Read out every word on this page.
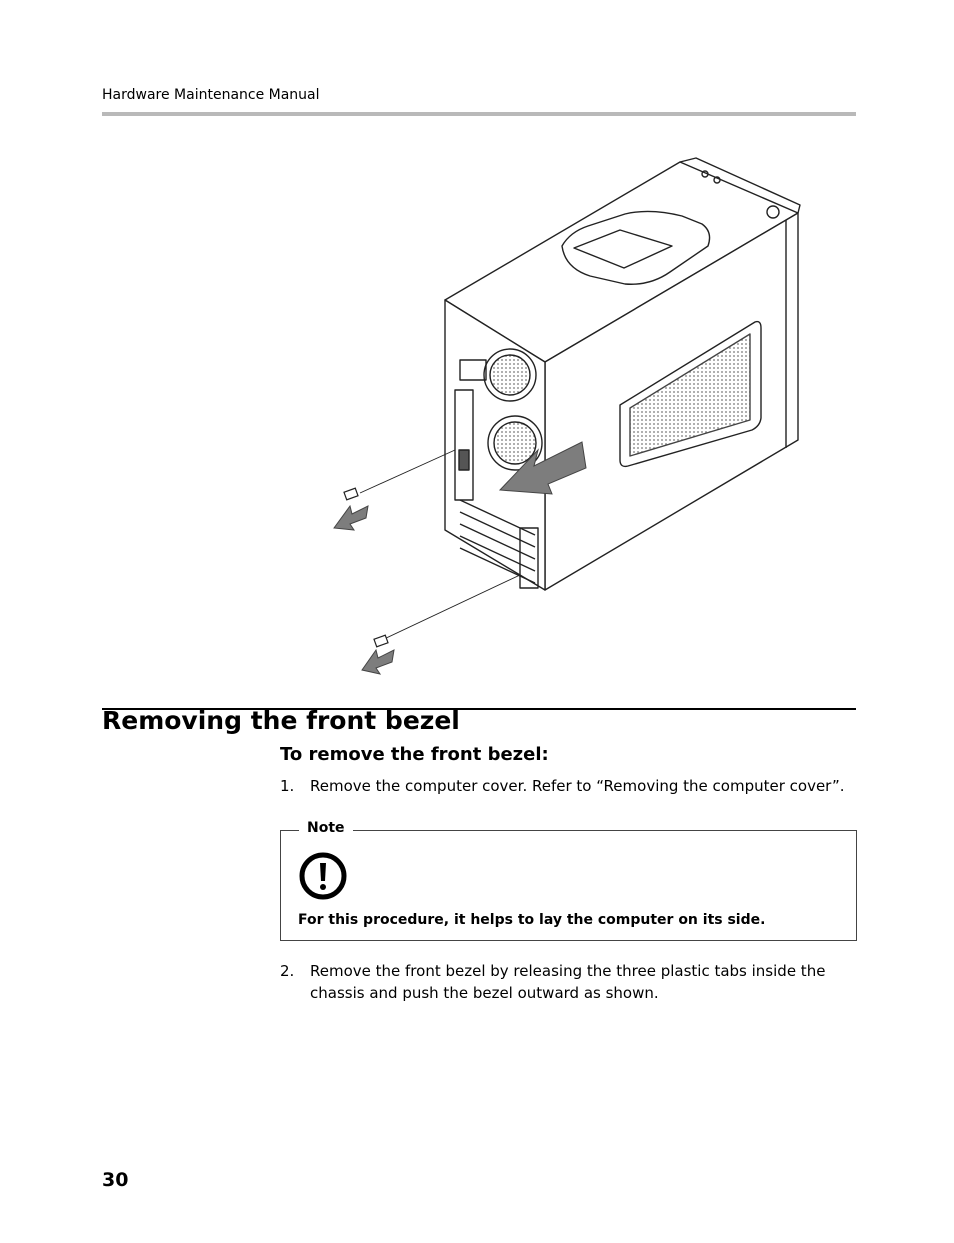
Hardware Maintenance Manual
Removing the front bezel
To remove the front bezel:
1. Remove the computer cover. Refer to “Removing the computer cover”.
Note
For this procedure, it helps to lay the computer on its side.
2. Remove the front bezel by releasing the three plastic tabs inside the chassis and push the bezel outward as shown.
30
